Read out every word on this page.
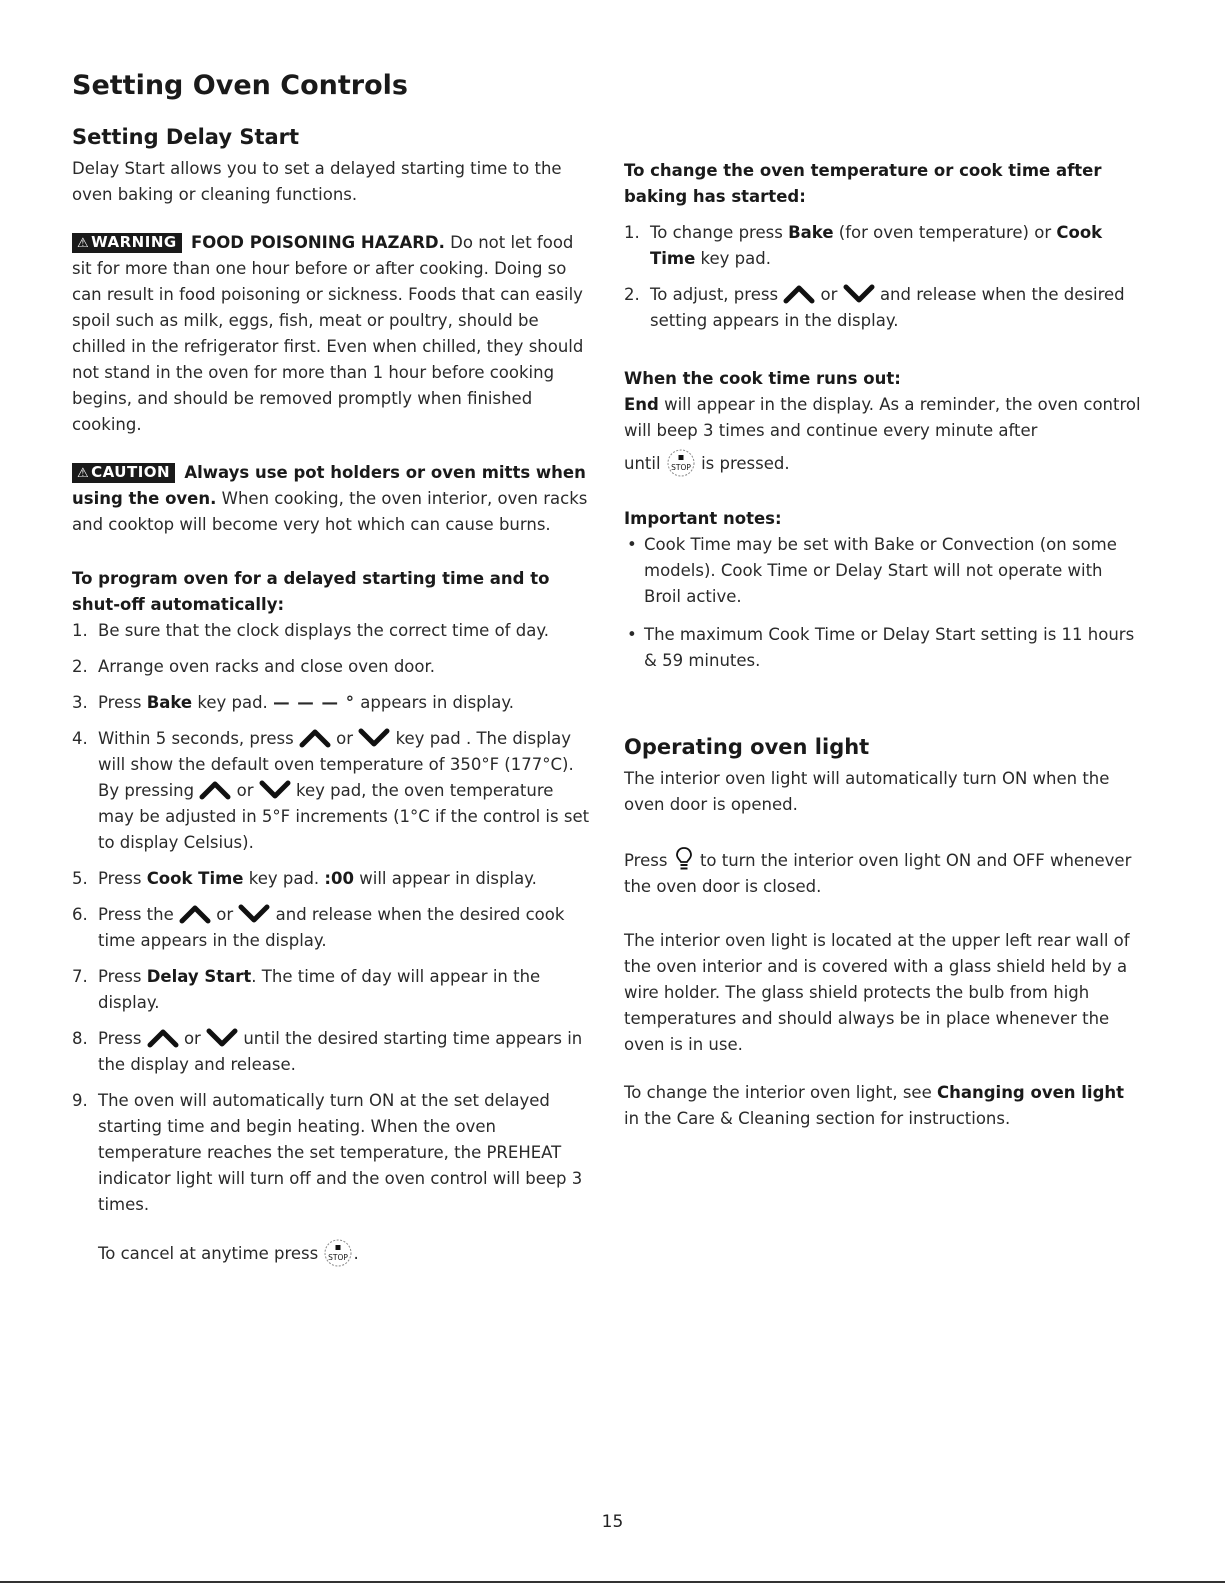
Setting Oven Controls
Setting Delay Start

Delay Start allows you to set a delayed starting time to the oven baking or cleaning functions.

⚠ WARNING FOOD POISONING HAZARD. Do not let food sit for more than one hour before or after cooking. Doing so can result in food poisoning or sickness. Foods that can easily spoil such as milk, eggs, fish, meat or poultry, should be chilled in the refrigerator first. Even when chilled, they should not stand in the oven for more than 1 hour before cooking begins, and should be removed promptly when finished cooking.

⚠ CAUTION Always use pot holders or oven mitts when using the oven. When cooking, the oven interior, oven racks and cooktop will become very hot which can cause burns.

To program oven for a delayed starting time and to shut-off automatically:
1. Be sure that the clock displays the correct time of day.
2. Arrange oven racks and close oven door.
3. Press Bake key pad. — — — ° appears in display.
4. Within 5 seconds, press	or	key pad . The display will show the default oven temperature of 350°F (177°C). By pressing	or	key pad, the oven temperature may be adjusted in 5°F increments (1°C if the control is set to display Celsius).
5. Press Cook Time key pad. :00 will appear in display.
6. Press the	or	and release when the desired cook time appears in the display.
7. Press Delay Start. The time of day will appear in the display.
8. Press	or	until the desired starting time appears in the display and release.
9. The oven will automatically turn ON at the set delayed starting time and begin heating. When the oven temperature reaches the set temperature, the PREHEAT indicator light will turn off and the oven control will beep 3 times.

To cancel at anytime press STOP .

To change the oven temperature or cook time after baking has started:
1. To change press Bake (for oven temperature) or Cook Time key pad.
2. To adjust, press	or	and release when the desired setting appears in the display.
When the cook time runs out:

End will appear in the display. As a reminder, the oven control will beep 3 times and continue every minute after

until STOP is pressed.

Important notes:
• Cook Time may be set with Bake or Convection (on some models). Cook Time or Delay Start will not operate with Broil active.
• The maximum Cook Time or Delay Start setting is 11 hours & 59 minutes.
Operating oven light

The interior oven light will automatically turn ON when the oven door is opened.

Press to turn the interior oven light ON and OFF whenever the oven door is closed.

The interior oven light is located at the upper left rear wall of the oven interior and is covered with a glass shield held by a wire holder. The glass shield protects the bulb from high temperatures and should always be in place whenever the oven is in use.

To change the interior oven light, see Changing oven light in the Care & Cleaning section for instructions.

15
